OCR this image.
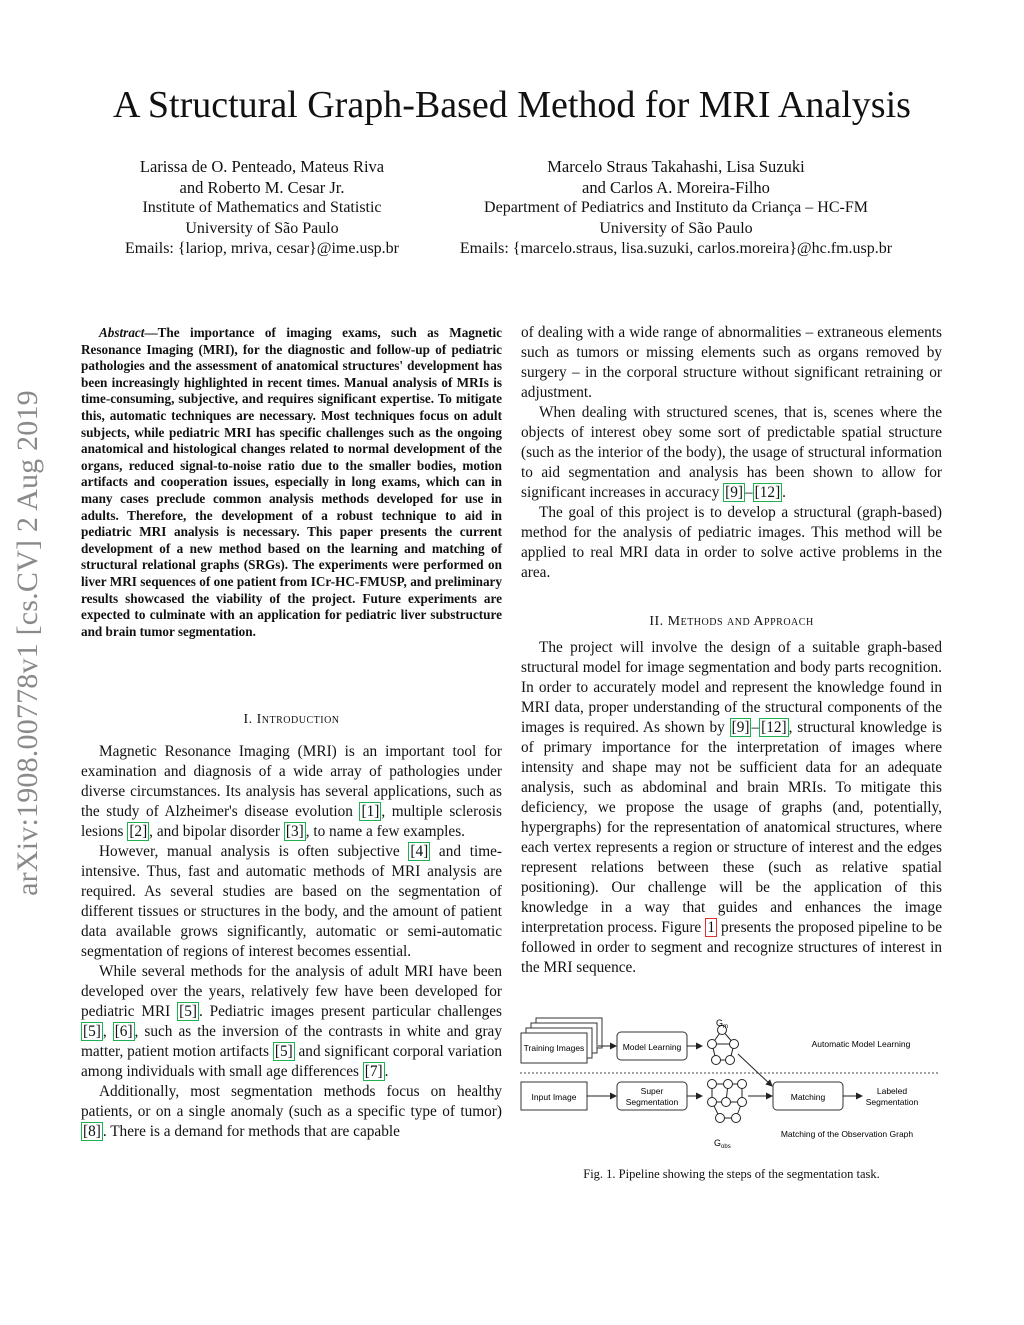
A Structural Graph-Based Method for MRI Analysis
arXiv:1908.00778v1 [cs.CV] 2 Aug 2019
Larissa de O. Penteado, Mateus Riva
and Roberto M. Cesar Jr.
Institute of Mathematics and Statistic
University of São Paulo
Emails: {lariop, mriva, cesar}@ime.usp.br
Marcelo Straus Takahashi, Lisa Suzuki
and Carlos A. Moreira-Filho
Department of Pediatrics and Instituto da Criança – HC-FM
University of São Paulo
Emails: {marcelo.straus, lisa.suzuki, carlos.moreira}@hc.fm.usp.br
Abstract—The importance of imaging exams, such as Magnetic Resonance Imaging (MRI), for the diagnostic and follow-up of pediatric pathologies and the assessment of anatomical structures' development has been increasingly highlighted in recent times. Manual analysis of MRIs is time-consuming, subjective, and requires significant expertise. To mitigate this, automatic techniques are necessary. Most techniques focus on adult subjects, while pediatric MRI has specific challenges such as the ongoing anatomical and histological changes related to normal development of the organs, reduced signal-to-noise ratio due to the smaller bodies, motion artifacts and cooperation issues, especially in long exams, which can in many cases preclude common analysis methods developed for use in adults. Therefore, the development of a robust technique to aid in pediatric MRI analysis is necessary. This paper presents the current development of a new method based on the learning and matching of structural relational graphs (SRGs). The experiments were performed on liver MRI sequences of one patient from ICr-HC-FMUSP, and preliminary results showcased the viability of the project. Future experiments are expected to culminate with an application for pediatric liver substructure and brain tumor segmentation.

I. Introduction

Magnetic Resonance Imaging (MRI) is an important tool for examination and diagnosis of a wide array of pathologies under diverse circumstances. Its analysis has several applications, such as the study of Alzheimer's disease evolution [1] , multiple sclerosis lesions [2] , and bipolar disorder [3] , to name a few examples.

However, manual analysis is often subjective [4] and time-intensive. Thus, fast and automatic methods of MRI analysis are required. As several studies are based on the segmentation of different tissues or structures in the body, and the amount of patient data available grows significantly, automatic or semi-automatic segmentation of regions of interest becomes essential.

While several methods for the analysis of adult MRI have been developed over the years, relatively few have been developed for pediatric MRI [5] . Pediatric images present particular challenges [5] , [6] , such as the inversion of the contrasts in white and gray matter, patient motion artifacts [5] and significant corporal variation among individuals with small age differences [7] .

Additionally, most segmentation methods focus on healthy patients, or on a single anomaly (such as a specific type of tumor) [8] . There is a demand for methods that are capable

of dealing with a wide range of abnormalities – extraneous elements such as tumors or missing elements such as organs removed by surgery – in the corporal structure without significant retraining or adjustment.

When dealing with structured scenes, that is, scenes where the objects of interest obey some sort of predictable spatial structure (such as the interior of the body), the usage of structural information to aid segmentation and analysis has been shown to allow for significant increases in accuracy [9] – [12] .

The goal of this project is to develop a structural (graph-based) method for the analysis of pediatric images. This method will be applied to real MRI data in order to solve active problems in the area.

II. Methods and Approach

The project will involve the design of a suitable graph-based structural model for image segmentation and body parts recognition. In order to accurately model and represent the knowledge found in MRI data, proper understanding of the structural components of the images is required. As shown by [9] – [12] , structural knowledge is of primary importance for the interpretation of images where intensity and shape may not be sufficient data for an adequate analysis, such as abdominal and brain MRIs. To mitigate this deficiency, we propose the usage of graphs (and, potentially, hypergraphs) for the representation of anatomical structures, where each vertex represents a region or structure of interest and the edges represent relations between these (such as relative spatial positioning). Our challenge will be the application of this knowledge in a way that guides and enhances the image interpretation process. Figure 1 presents the proposed pipeline to be followed in order to segment and recognize structures of interest in the MRI sequence.

Training Images	Model Learning
$G_m$
Automatic Model Learning
Input Image
Super
Segmentation
$G_{obs}$
Matching
Labeled
Segmentation
Matching of the Observation Graph
Fig. 1. Pipeline showing the steps of the segmentation task.
